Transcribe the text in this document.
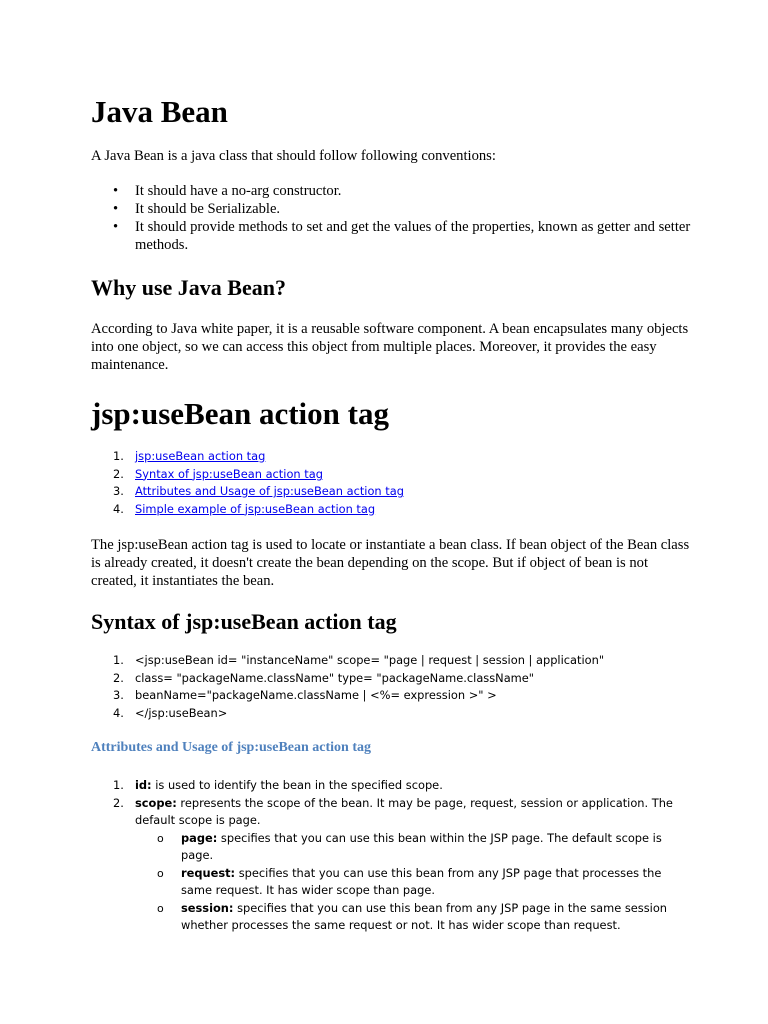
Java Bean

A Java Bean is a java class that should follow following conventions:

• It should have a no-arg constructor.
• It should be Serializable.
• It should provide methods to set and get the values of the properties, known as getter and setter methods.
Why use Java Bean?

According to Java white paper, it is a reusable software component. A bean encapsulates many objects into one object, so we can access this object from multiple places. Moreover, it provides the easy maintenance.

jsp:useBean action tag
1. jsp:useBean action tag
2. Syntax of jsp:useBean action tag
3. Attributes and Usage of jsp:useBean action tag
4. Simple example of jsp:useBean action tag

The jsp:useBean action tag is used to locate or instantiate a bean class. If bean object of the Bean class is already created, it doesn't create the bean depending on the scope. But if object of bean is not created, it instantiates the bean.

Syntax of jsp:useBean action tag
1. <jsp:useBean id= "instanceName" scope= "page | request | session | application"
2. class= "packageName.className" type= "packageName.className"
3. beanName="packageName.className | <%= expression >" >
4. </jsp:useBean>
Attributes and Usage of jsp:useBean action tag
1. id: is used to identify the bean in the specified scope.
2. scope: represents the scope of the bean. It may be page, request, session or application. The default scope is page.
o page: specifies that you can use this bean within the JSP page. The default scope is page.
o request: specifies that you can use this bean from any JSP page that processes the same request. It has wider scope than page.
o session: specifies that you can use this bean from any JSP page in the same session whether processes the same request or not. It has wider scope than request.
